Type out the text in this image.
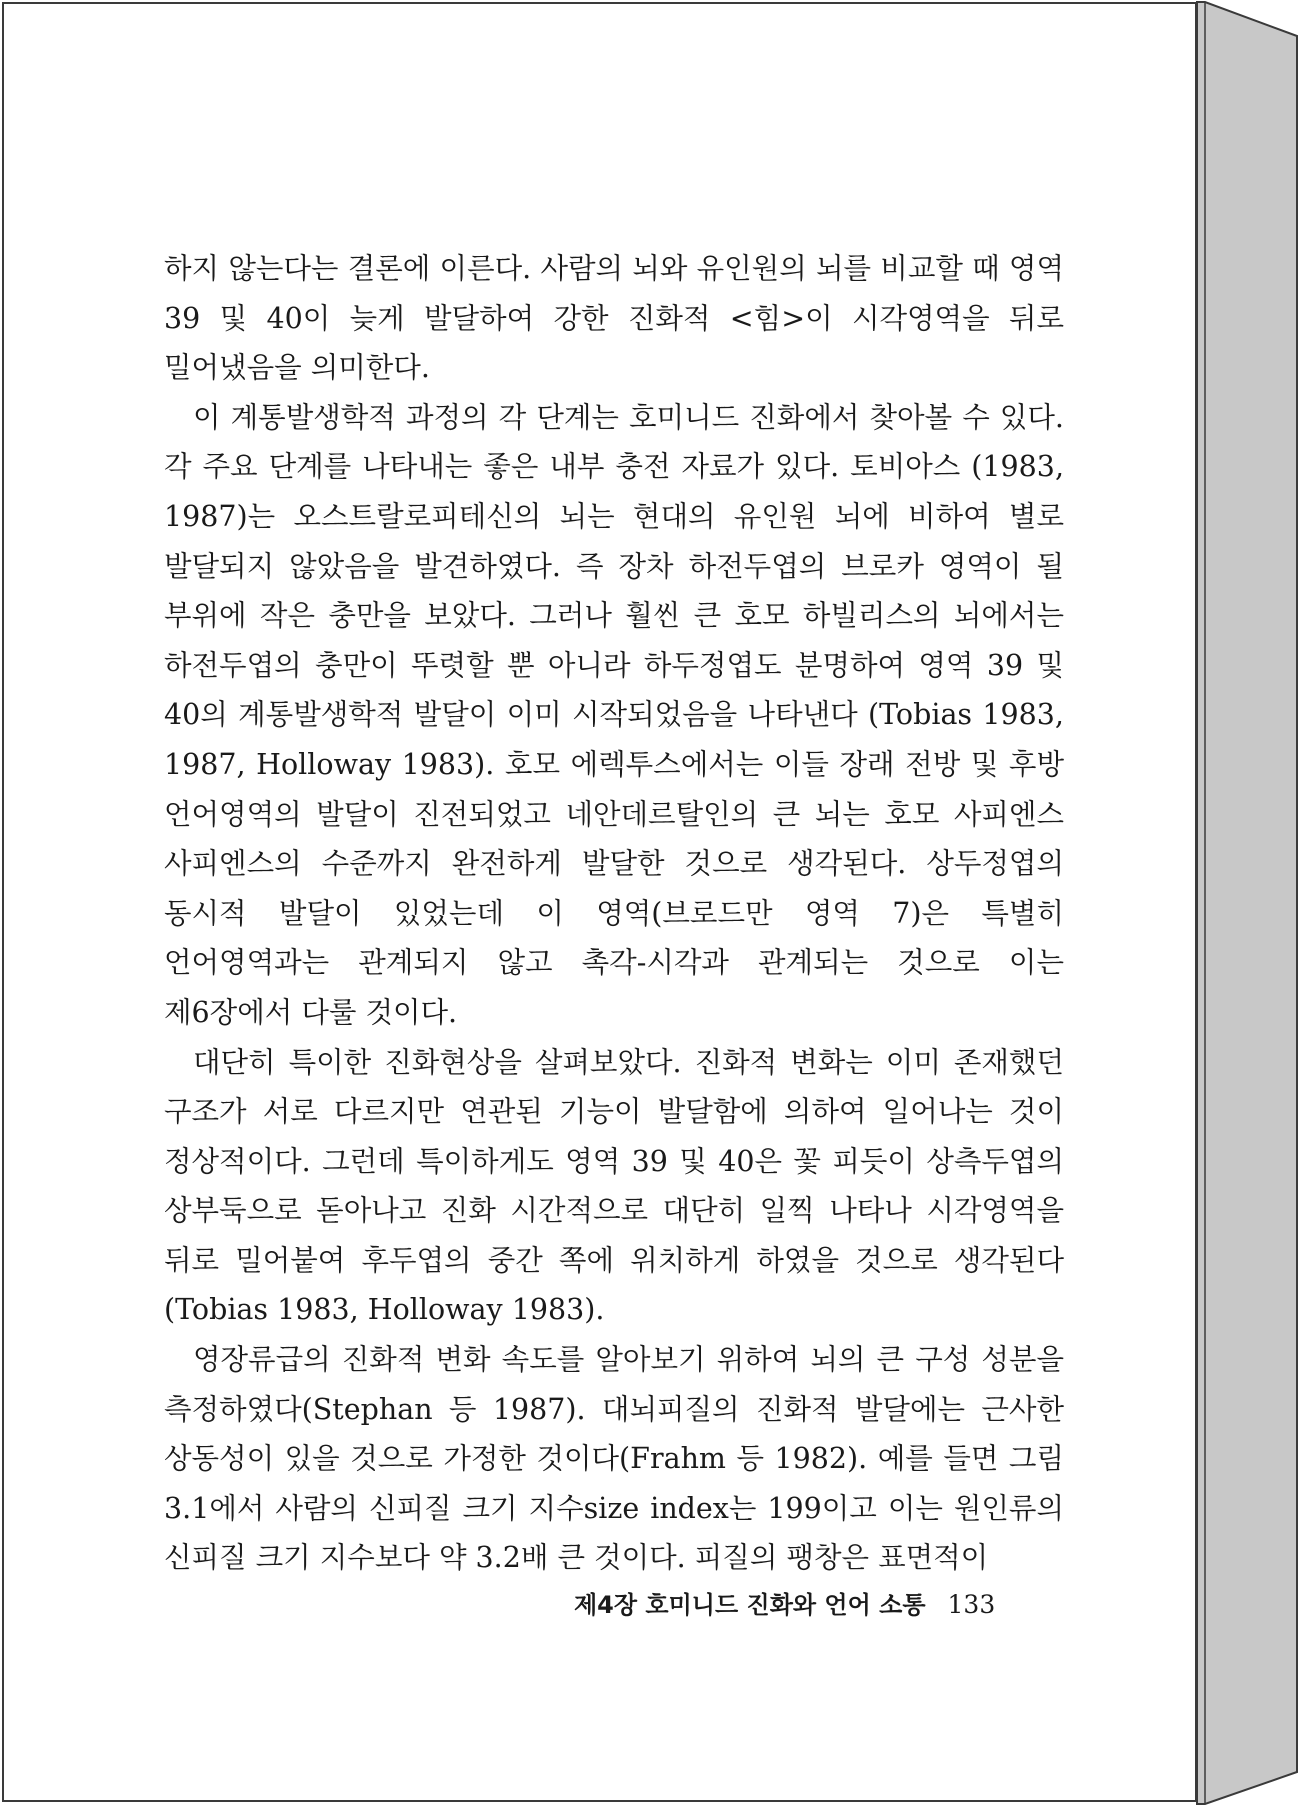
하지 않는다는 결론에 이른다. 사람의 뇌와 유인원의 뇌를 비교할 때 영역 39 및 40이 늦게 발달하여 강한 진화적 <힘>이 시각영역을 뒤로 밀어냈음을 의미한다.

이 계통발생학적 과정의 각 단계는 호미니드 진화에서 찾아볼 수 있다. 각 주요 단계를 나타내는 좋은 내부 충전 자료가 있다. 토비아스 (1983, 1987)는 오스트랄로피테신의 뇌는 현대의 유인원 뇌에 비하여 별로 발달되지 않았음을 발견하였다. 즉 장차 하전두엽의 브로카 영역이 될 부위에 작은 충만을 보았다. 그러나 훨씬 큰 호모 하빌리스의 뇌에서는 하전두엽의 충만이 뚜렷할 뿐 아니라 하두정엽도 분명하여 영역 39 및 40의 계통발생학적 발달이 이미 시작되었음을 나타낸다 (Tobias 1983, 1987, Holloway 1983). 호모 에렉투스에서는 이들 장래 전방 및 후방 언어영역의 발달이 진전되었고 네안데르탈인의 큰 뇌는 호모 사피엔스 사피엔스의 수준까지 완전하게 발달한 것으로 생각된다. 상두정엽의 동시적 발달이 있었는데 이 영역(브로드만 영역 7)은 특별히 언어영역과는 관계되지 않고 촉각-시각과 관계되는 것으로 이는 제6장에서 다룰 것이다.

대단히 특이한 진화현상을 살펴보았다. 진화적 변화는 이미 존재했던 구조가 서로 다르지만 연관된 기능이 발달함에 의하여 일어나는 것이 정상적이다. 그런데 특이하게도 영역 39 및 40은 꽃 피듯이 상측두엽의 상부둑으로 돋아나고 진화 시간적으로 대단히 일찍 나타나 시각영역을 뒤로 밀어붙여 후두엽의 중간 쪽에 위치하게 하였을 것으로 생각된다(Tobias 1983, Holloway 1983).

영장류급의 진화적 변화 속도를 알아보기 위하여 뇌의 큰 구성 성분을 측정하였다(Stephan 등 1987). 대뇌피질의 진화적 발달에는 근사한 상동성이 있을 것으로 가정한 것이다(Frahm 등 1982). 예를 들면 그림 3.1에서 사람의 신피질 크기 지수size index는 199이고 이는 원인류의 신피질 크기 지수보다 약 3.2배 큰 것이다. 피질의 팽창은 표면적이

제4장 호미니드 진화와 언어 소통 133
